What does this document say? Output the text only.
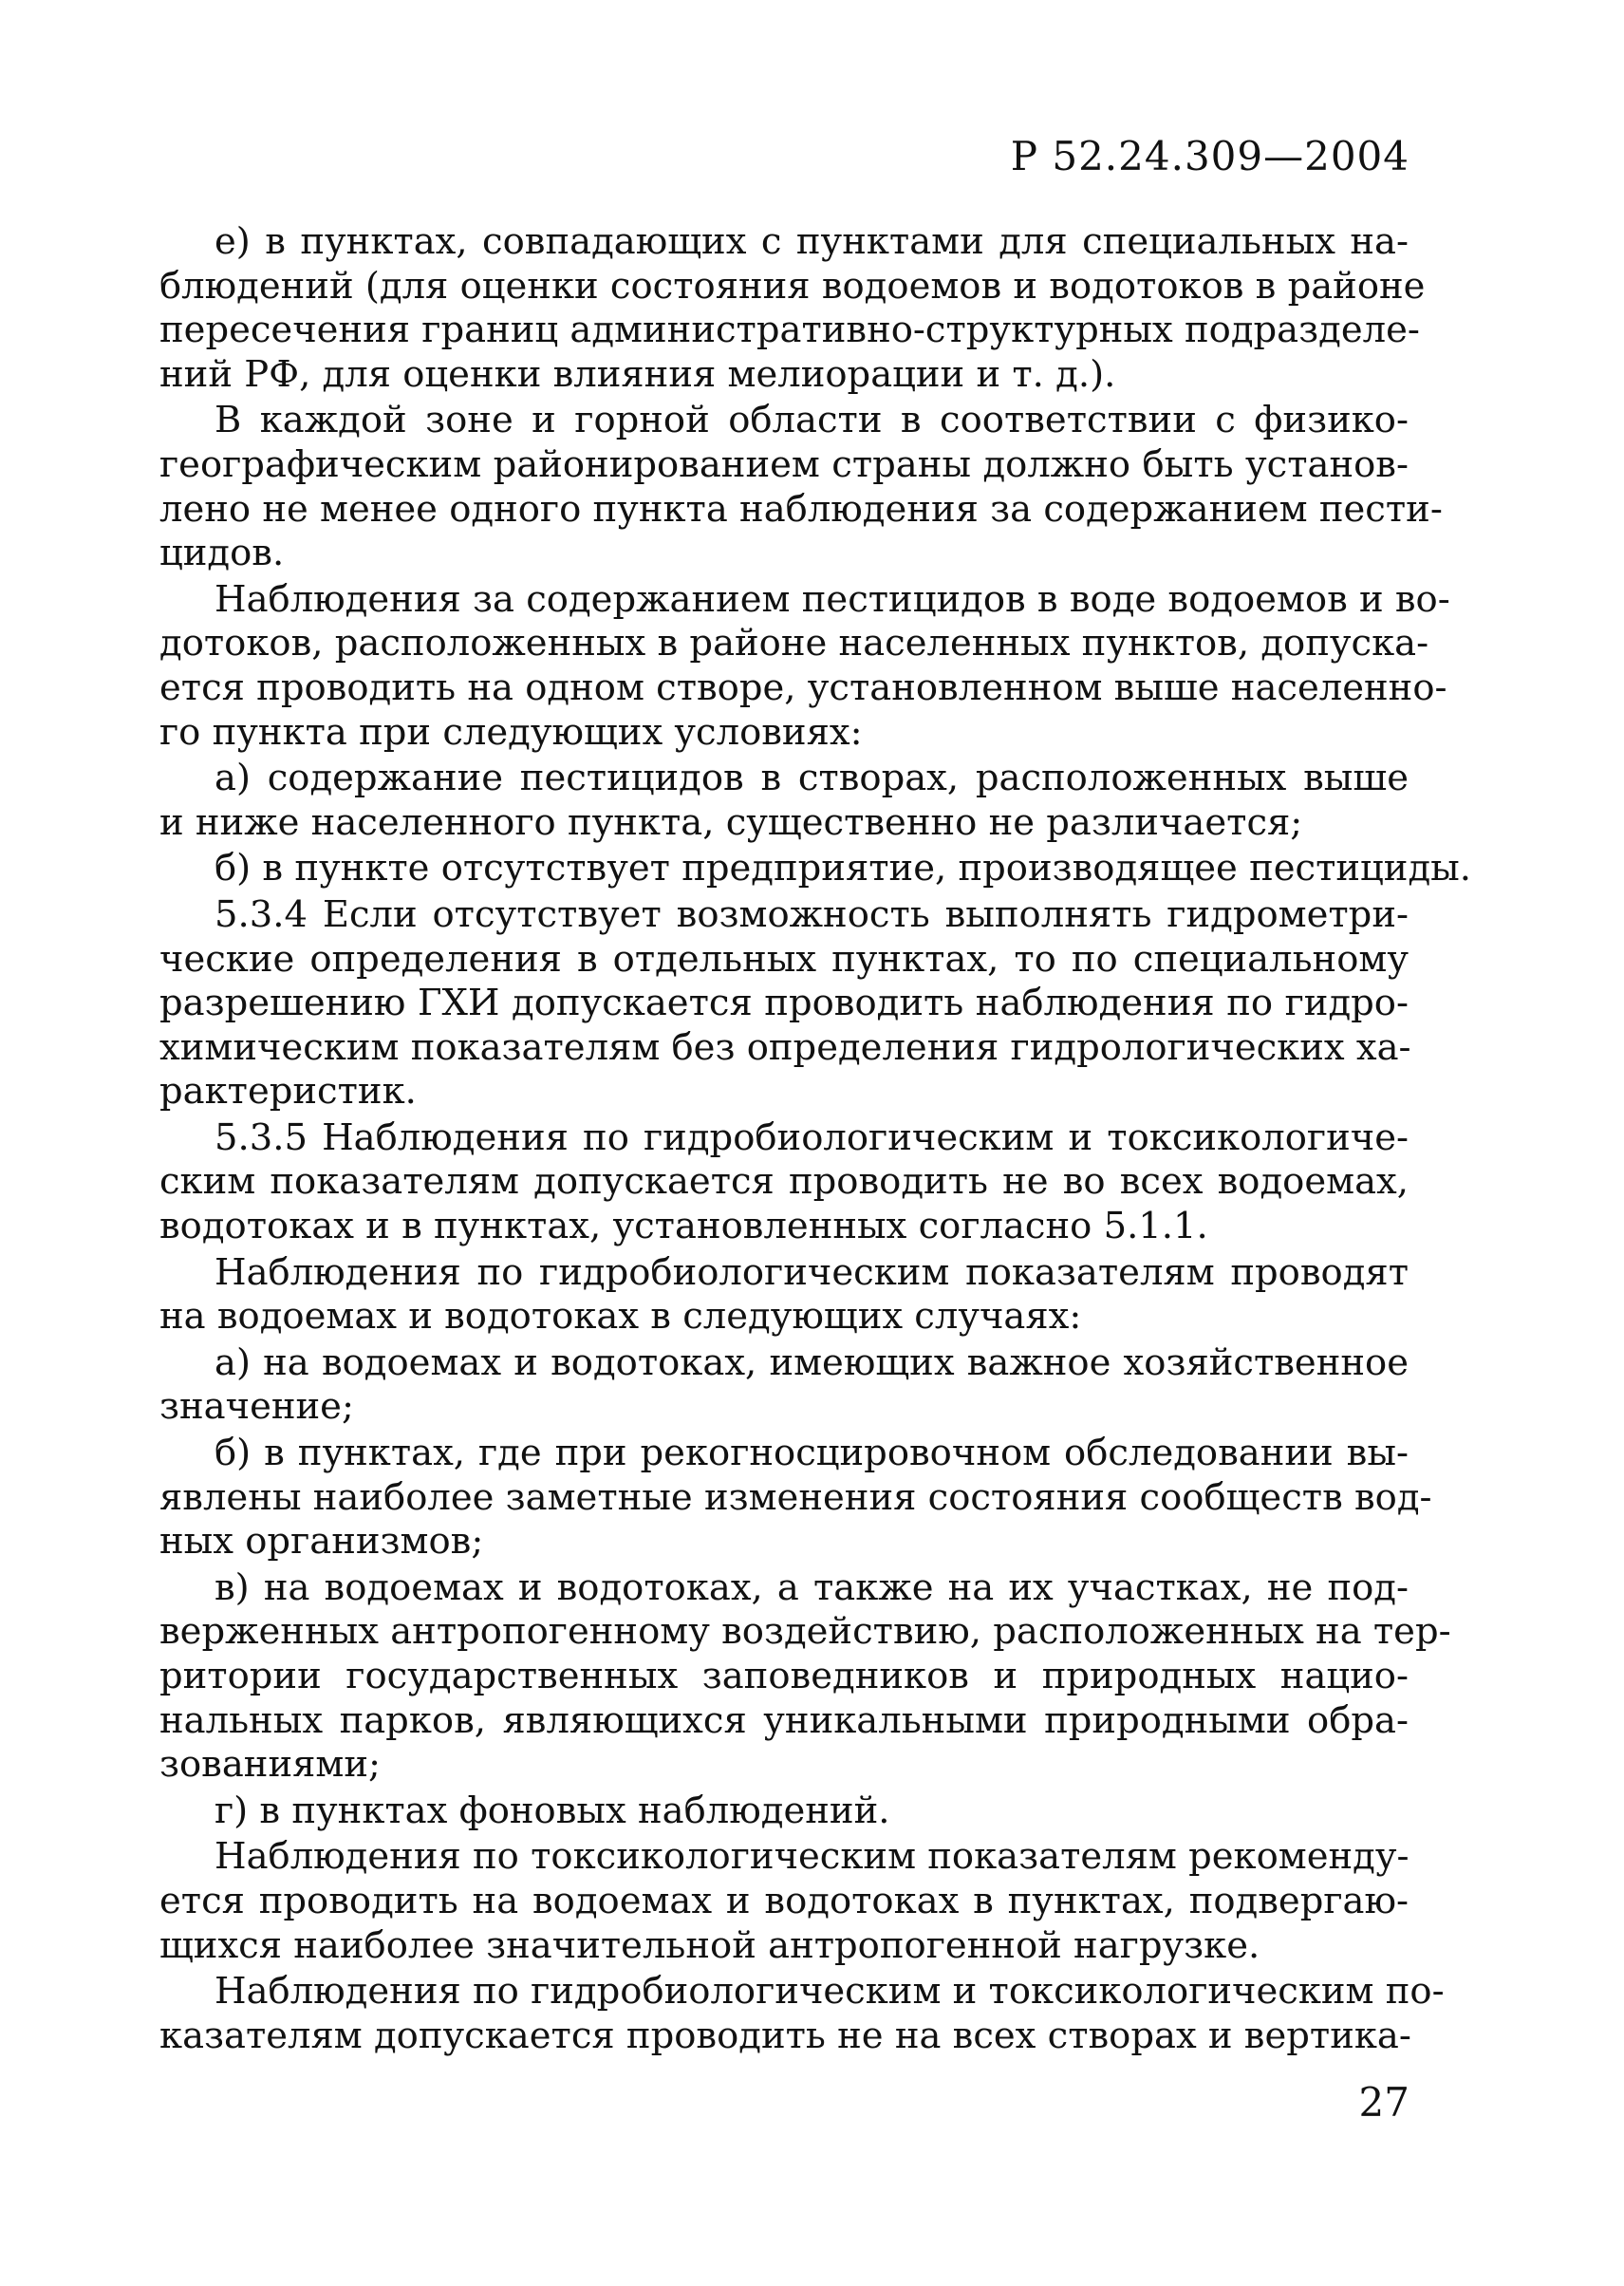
Р 52.24.309—2004

е) в пунктах, совпадающих с пунктами для специальных на-
блюдений (для оценки состояния водоемов и водотоков в районе
пересечения границ административно-структурных подразделе-
ний РФ, для оценки влияния мелиорации и т. д.).

В каждой зоне и горной области в соответствии с физико-
географическим районированием страны должно быть установ-
лено не менее одного пункта наблюдения за содержанием пести-
цидов.

Наблюдения за содержанием пестицидов в воде водоемов и во-
дотоков, расположенных в районе населенных пунктов, допуска-
ется проводить на одном створе, установленном выше населенно-
го пункта при следующих условиях:

а) содержание пестицидов в створах, расположенных выше
и ниже населенного пункта, существенно не различается;

б) в пункте отсутствует предприятие, производящее пестициды.

5.3.4 Если отсутствует возможность выполнять гидрометри-
ческие определения в отдельных пунктах, то по специальному
разрешению ГХИ допускается проводить наблюдения по гидро-
химическим показателям без определения гидрологических ха-
рактеристик.

5.3.5 Наблюдения по гидробиологическим и токсикологиче-
ским показателям допускается проводить не во всех водоемах,
водотоках и в пунктах, установленных согласно 5.1.1.

Наблюдения по гидробиологическим показателям проводят
на водоемах и водотоках в следующих случаях:

а) на водоемах и водотоках, имеющих важное хозяйственное
значение;

б) в пунктах, где при рекогносцировочном обследовании вы-
явлены наиболее заметные изменения состояния сообществ вод-
ных организмов;

в) на водоемах и водотоках, а также на их участках, не под-
верженных антропогенному воздействию, расположенных на тер-
ритории государственных заповедников и природных нацио-
нальных парков, являющихся уникальными природными обра-
зованиями;

г) в пунктах фоновых наблюдений.

Наблюдения по токсикологическим показателям рекоменду-
ется проводить на водоемах и водотоках в пунктах, подвергаю-
щихся наиболее значительной антропогенной нагрузке.

Наблюдения по гидробиологическим и токсикологическим по-
казателям допускается проводить не на всех створах и вертика-

27
